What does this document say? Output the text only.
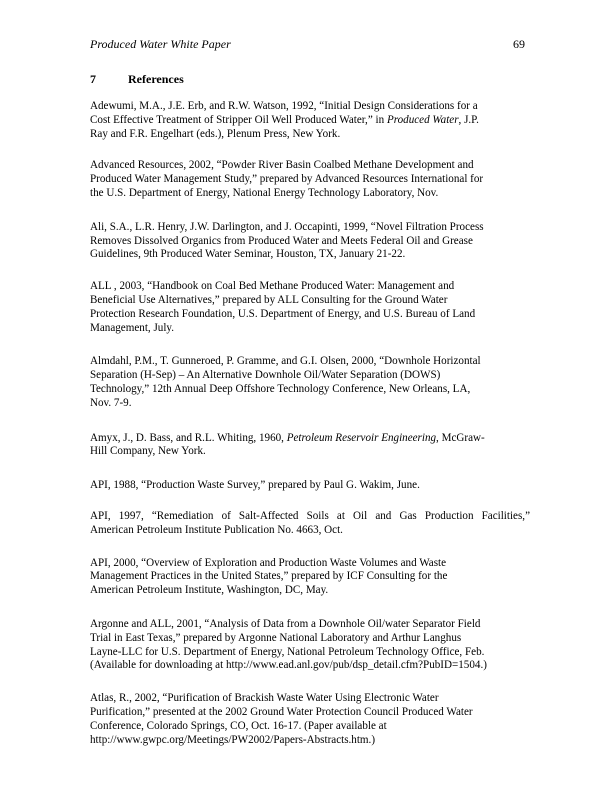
Produced Water White Paper	69
7	References
Adewumi, M.A., J.E. Erb, and R.W. Watson, 1992, “Initial Design Considerations for a
Cost Effective Treatment of Stripper Oil Well Produced Water,” in Produced Water, J.P.
Ray and F.R. Engelhart (eds.), Plenum Press, New York.
Advanced Resources, 2002, “Powder River Basin Coalbed Methane Development and
Produced Water Management Study,” prepared by Advanced Resources International for
the U.S. Department of Energy, National Energy Technology Laboratory, Nov.
Ali, S.A., L.R. Henry, J.W. Darlington, and J. Occapinti, 1999, “Novel Filtration Process
Removes Dissolved Organics from Produced Water and Meets Federal Oil and Grease
Guidelines, 9th Produced Water Seminar, Houston, TX, January 21-22.
ALL , 2003, “Handbook on Coal Bed Methane Produced Water: Management and
Beneficial Use Alternatives,” prepared by ALL Consulting for the Ground Water
Protection Research Foundation, U.S. Department of Energy, and U.S. Bureau of Land
Management, July.
Almdahl, P.M., T. Gunneroed, P. Gramme, and G.I. Olsen, 2000, “Downhole Horizontal
Separation (H-Sep) – An Alternative Downhole Oil/Water Separation (DOWS)
Technology,” 12th Annual Deep Offshore Technology Conference, New Orleans, LA,
Nov. 7-9.
Amyx, J., D. Bass, and R.L. Whiting, 1960, Petroleum Reservoir Engineering, McGraw-
Hill Company, New York.
API, 1988, “Production Waste Survey,” prepared by Paul G. Wakim, June.
API, 1997, “Remediation of Salt-Affected Soils at Oil and Gas Production Facilities,”
American Petroleum Institute Publication No. 4663, Oct.
API, 2000, “Overview of Exploration and Production Waste Volumes and Waste
Management Practices in the United States,” prepared by ICF Consulting for the
American Petroleum Institute, Washington, DC, May.
Argonne and ALL, 2001, “Analysis of Data from a Downhole Oil/water Separator Field
Trial in East Texas,” prepared by Argonne National Laboratory and Arthur Langhus
Layne-LLC for U.S. Department of Energy, National Petroleum Technology Office, Feb.
(Available for downloading at http://www.ead.anl.gov/pub/dsp_detail.cfm?PubID=1504.)
Atlas, R., 2002, “Purification of Brackish Waste Water Using Electronic Water
Purification,” presented at the 2002 Ground Water Protection Council Produced Water
Conference, Colorado Springs, CO, Oct. 16-17. (Paper available at
http://www.gwpc.org/Meetings/PW2002/Papers-Abstracts.htm.)
